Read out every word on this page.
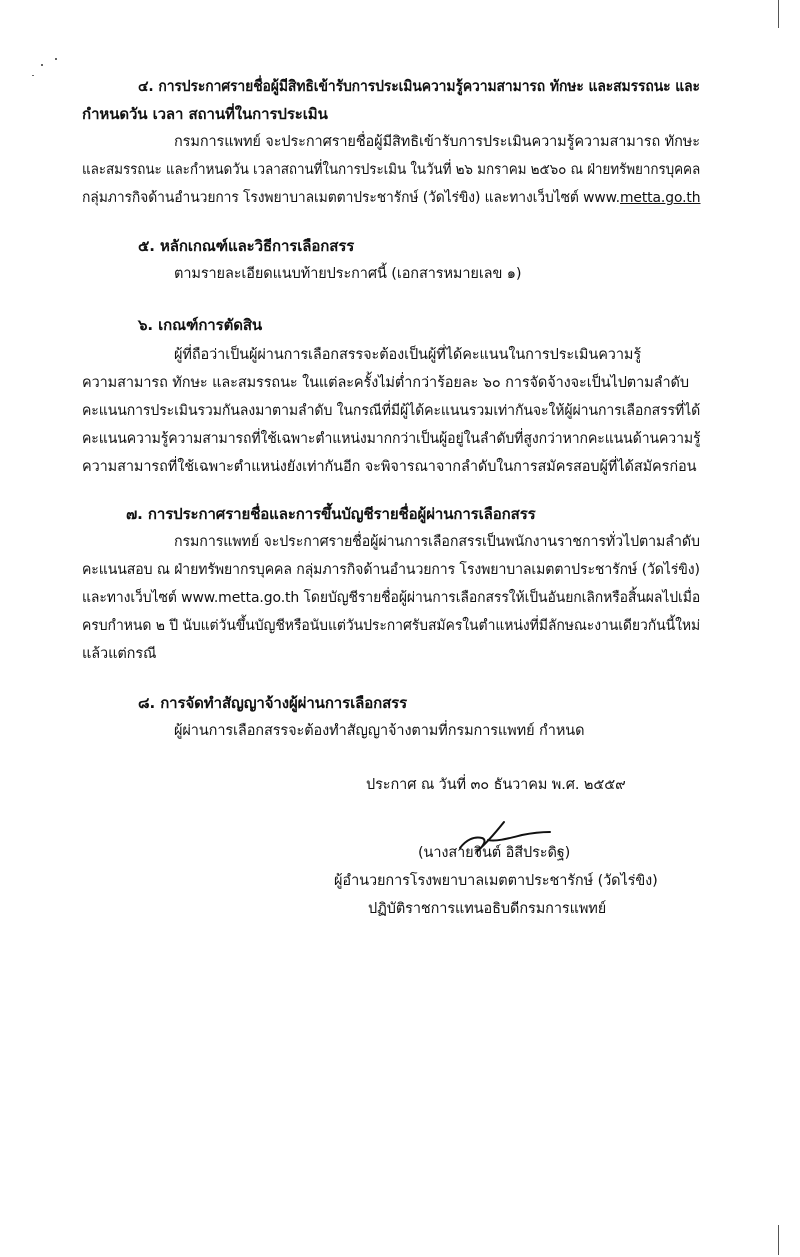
๔. การประกาศรายชื่อผู้มีสิทธิเข้ารับการประเมินความรู้ความสามารถ ทักษะ และสมรรถนะ และ
กำหนดวัน เวลา สถานที่ในการประเมิน
กรมการแพทย์ จะประกาศรายชื่อผู้มีสิทธิเข้ารับการประเมินความรู้ความสามารถ ทักษะ
และสมรรถนะ และกำหนดวัน เวลาสถานที่ในการประเมิน ในวันที่ ๒๖ มกราคม ๒๕๖๐ ณ ฝ่ายทรัพยากรบุคคล
กลุ่มภารกิจด้านอำนวยการ โรงพยาบาลเมตตาประชารักษ์ (วัดไร่ขิง) และทางเว็บไซต์ www.metta.go.th
๕. หลักเกณฑ์และวิธีการเลือกสรร
ตามรายละเอียดแนบท้ายประกาศนี้ (เอกสารหมายเลข ๑)
๖. เกณฑ์การตัดสิน
ผู้ที่ถือว่าเป็นผู้ผ่านการเลือกสรรจะต้องเป็นผู้ที่ได้คะแนนในการประเมินความรู้
ความสามารถ ทักษะ และสมรรถนะ ในแต่ละครั้งไม่ต่ำกว่าร้อยละ ๖๐ การจัดจ้างจะเป็นไปตามลำดับ
คะแนนการประเมินรวมกันลงมาตามลำดับ ในกรณีที่มีผู้ได้คะแนนรวมเท่ากันจะให้ผู้ผ่านการเลือกสรรที่ได้
คะแนนความรู้ความสามารถที่ใช้เฉพาะตำแหน่งมากกว่าเป็นผู้อยู่ในลำดับที่สูงกว่าหากคะแนนด้านความรู้
ความสามารถที่ใช้เฉพาะตำแหน่งยังเท่ากันอีก จะพิจารณาจากลำดับในการสมัครสอบผู้ที่ได้สมัครก่อน
๗. การประกาศรายชื่อและการขึ้นบัญชีรายชื่อผู้ผ่านการเลือกสรร
กรมการแพทย์ จะประกาศรายชื่อผู้ผ่านการเลือกสรรเป็นพนักงานราชการทั่วไปตามลำดับ
คะแนนสอบ ณ ฝ่ายทรัพยากรบุคคล กลุ่มภารกิจด้านอำนวยการ โรงพยาบาลเมตตาประชารักษ์ (วัดไร่ขิง)
และทางเว็บไซต์ www.metta.go.th โดยบัญชีรายชื่อผู้ผ่านการเลือกสรรให้เป็นอันยกเลิกหรือสิ้นผลไปเมื่อ
ครบกำหนด ๒ ปี นับแต่วันขึ้นบัญชีหรือนับแต่วันประกาศรับสมัครในตำแหน่งที่มีลักษณะงานเดียวกันนี้ใหม่
แล้วแต่กรณี
๘. การจัดทำสัญญาจ้างผู้ผ่านการเลือกสรร
ผู้ผ่านการเลือกสรรจะต้องทำสัญญาจ้างตามที่กรมการแพทย์ กำหนด
ประกาศ ณ วันที่ ๓๐ ธันวาคม พ.ศ. ๒๕๕๙
(นางสายจินต์ อิสีประดิฐ)
ผู้อำนวยการโรงพยาบาลเมตตาประชารักษ์ (วัดไร่ขิง)
ปฏิบัติราชการแทนอธิบดีกรมการแพทย์
